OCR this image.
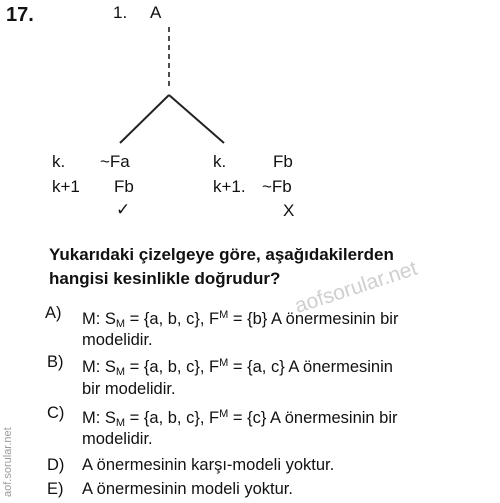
17.	1. A
k. ~Fa
k+1 Fb
✓
k.	Fb
k+1. ~Fb
X
Yukarıdaki çizelgeye göre, aşağıdakilerden
hangisi kesinlikle doğrudur?
A) M: $S_M = \{a$, b, c}, $F^M = \{b\}$ A önermesinin bir
modelidir.
B) M: $S_M = \{a$, b, c}, $F^M = \{a$, c} A önermesinin
bir modelidir.
C) M: $S_M = \{a$, b, c}, $F^M = \{c\}$ A önermesinin bir
modelidir.
D) A önermesinin karşı-modeli yoktur.
E) A önermesinin modeli yoktur.
aof.sorular.net
aofsorular.net
